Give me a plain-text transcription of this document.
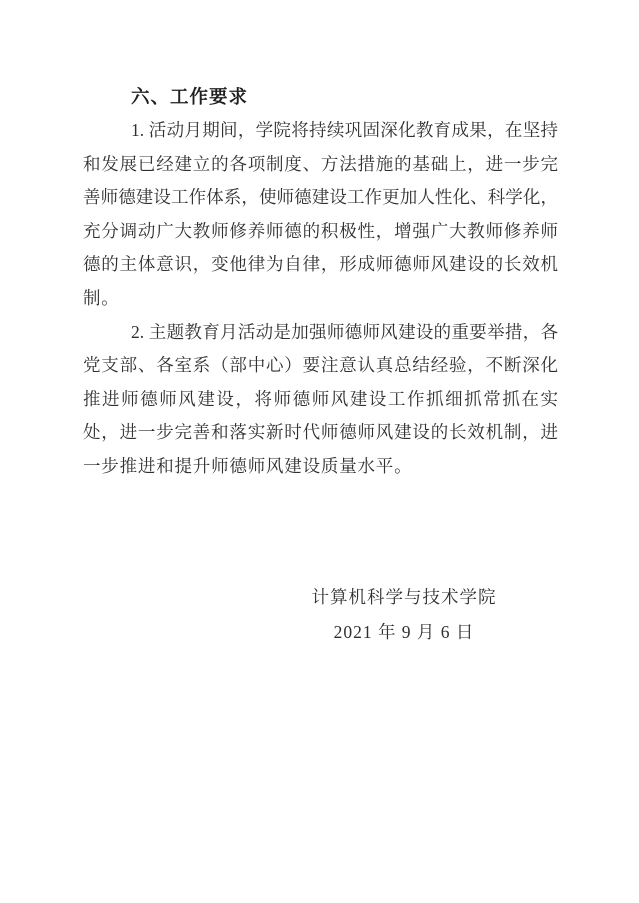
六、工作要求
1. 活动月期间，学院将持续巩固深化教育成果，在坚持
和发展已经建立的各项制度、方法措施的基础上，进一步完
善师德建设工作体系，使师德建设工作更加人性化、科学化，
充分调动广大教师修养师德的积极性，增强广大教师修养师
德的主体意识，变他律为自律，形成师德师风建设的长效机
制。
2. 主题教育月活动是加强师德师风建设的重要举措，各
党支部、各室系（部中心）要注意认真总结经验，不断深化
推进师德师风建设，将师德师风建设工作抓细抓常抓在实
处，进一步完善和落实新时代师德师风建设的长效机制，进
一步推进和提升师德师风建设质量水平。
计算机科学与技术学院
2021 年 9 月 6 日
